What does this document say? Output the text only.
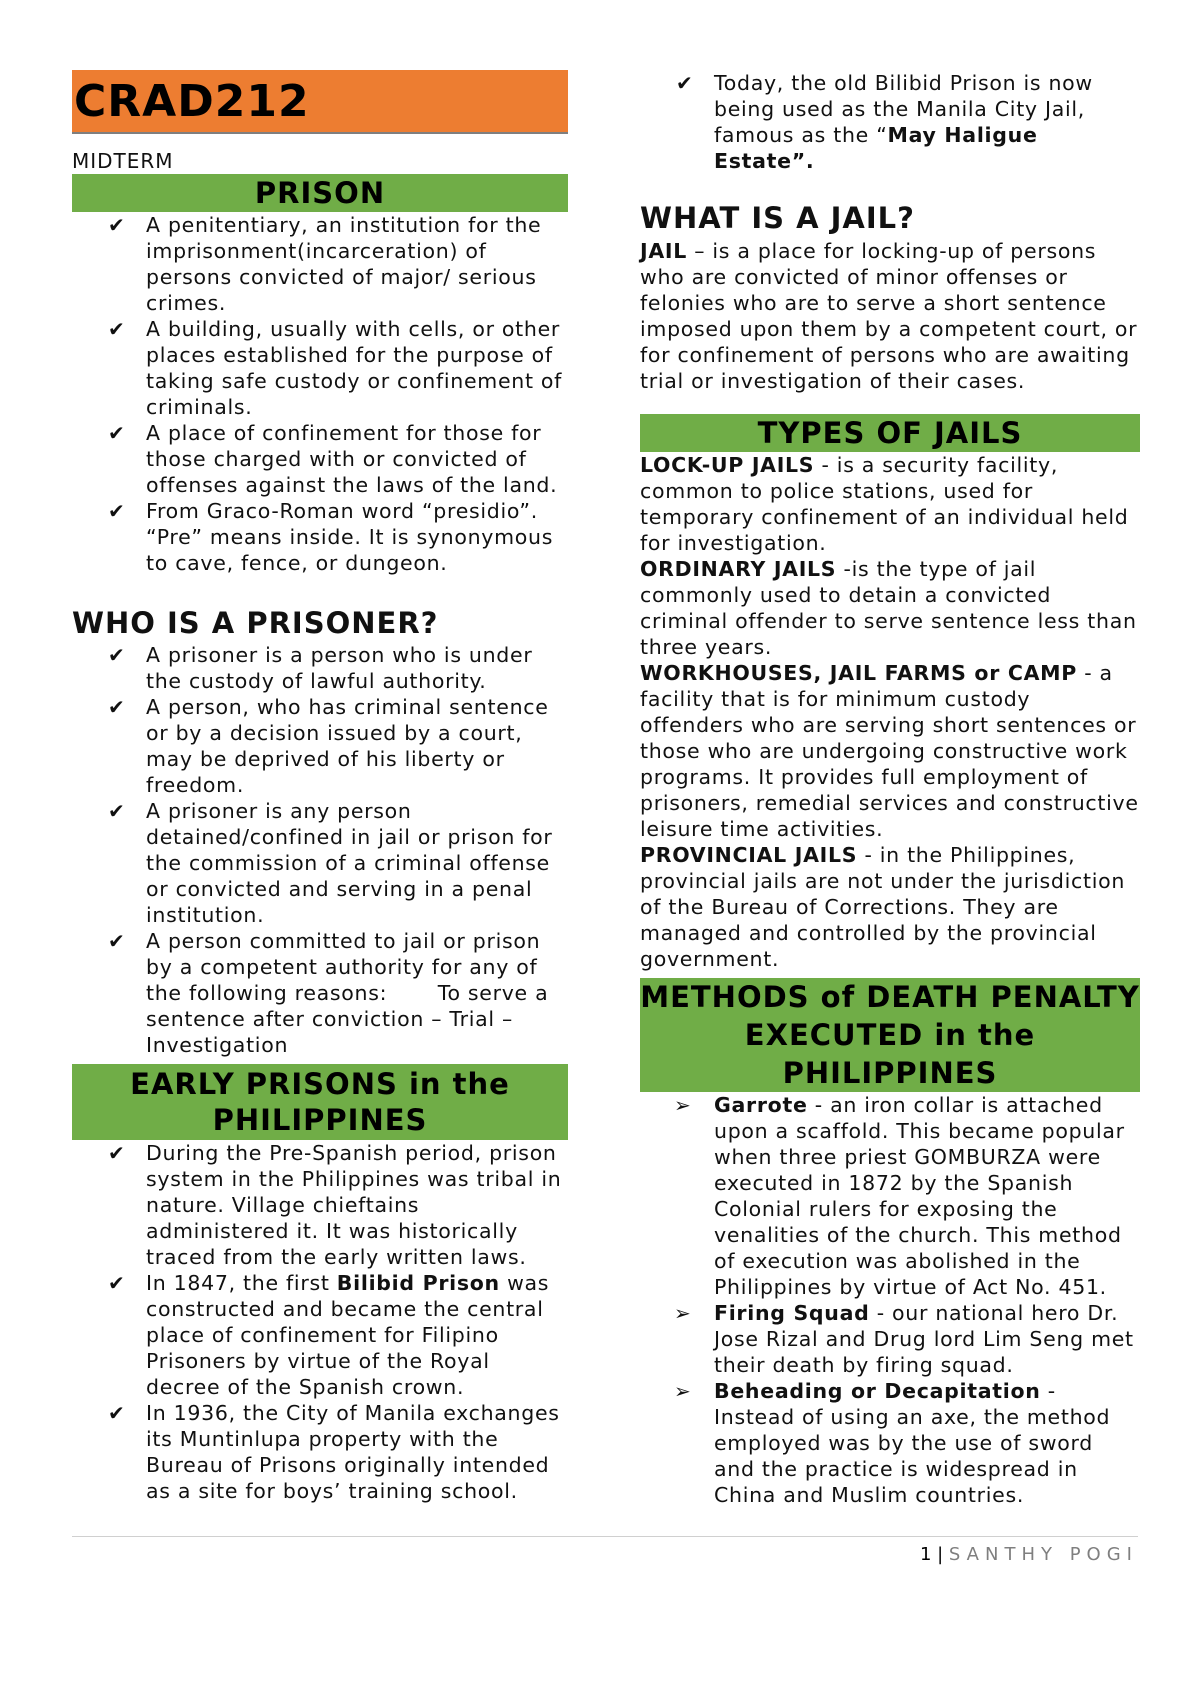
CRAD212
MIDTERM
PRISON
✔ A penitentiary, an institution for the imprisonment(incarceration) of persons convicted of major/ serious crimes.
✔ A building, usually with cells, or other places established for the purpose of taking safe custody or confinement of criminals.
✔ A place of confinement for those for those charged with or convicted of offenses against the laws of the land.
✔ From Graco-Roman word “presidio”. “Pre” means inside. It is synonymous to cave, fence, or dungeon.
WHO IS A PRISONER?
✔ A prisoner is a person who is under the custody of lawful authority.
✔ A person, who has criminal sentence or by a decision issued by a court, may be deprived of his liberty or freedom.
✔ A prisoner is any person detained/confined in jail or prison for the commission of a criminal offense or convicted and serving in a penal institution.
✔ A person committed to jail or prison by a competent authority for any of the following reasons:       To serve a sentence after conviction – Trial – Investigation
EARLY PRISONS in the PHILIPPINES
✔ During the Pre-Spanish period, prison system in the Philippines was tribal in nature. Village chieftains administered it. It was historically traced from the early written laws.
✔ In 1847, the first Bilibid Prison was constructed and became the central place of confinement for Filipino Prisoners by virtue of the Royal decree of the Spanish crown.
✔ In 1936, the City of Manila exchanges its Muntinlupa property with the Bureau of Prisons originally intended as a site for boys’ training school.
✔ Today, the old Bilibid Prison is now being used as the Manila City Jail, famous as the “May Haligue Estate”.
WHAT IS A JAIL?

JAIL – is a place for locking-up of persons who are convicted of minor offenses or felonies who are to serve a short sentence imposed upon them by a competent court, or for confinement of persons who are awaiting trial or investigation of their cases.

TYPES OF JAILS

LOCK-UP JAILS - is a security facility, common to police stations, used for temporary confinement of an individual held for investigation.

ORDINARY JAILS -is the type of jail commonly used to detain a convicted criminal offender to serve sentence less than three years.

WORKHOUSES, JAIL FARMS or CAMP - a facility that is for minimum custody offenders who are serving short sentences or those who are undergoing constructive work programs. It provides full employment of prisoners, remedial services and constructive leisure time activities.

PROVINCIAL JAILS - in the Philippines, provincial jails are not under the jurisdiction of the Bureau of Corrections. They are managed and controlled by the provincial government.

METHODS of DEATH PENALTY EXECUTED in the PHILIPPINES
➢ Garrote - an iron collar is attached upon a scaffold. This became popular when three priest GOMBURZA were executed in 1872 by the Spanish Colonial rulers for exposing the venalities of the church. This method of execution was abolished in the Philippines by virtue of Act No. 451.
➢ Firing Squad - our national hero Dr. Jose Rizal and Drug lord Lim Seng met their death by firing squad.
➢ Beheading or Decapitation - Instead of using an axe, the method employed was by the use of sword and the practice is widespread in China and Muslim countries.
1 | SANTHY POGI
